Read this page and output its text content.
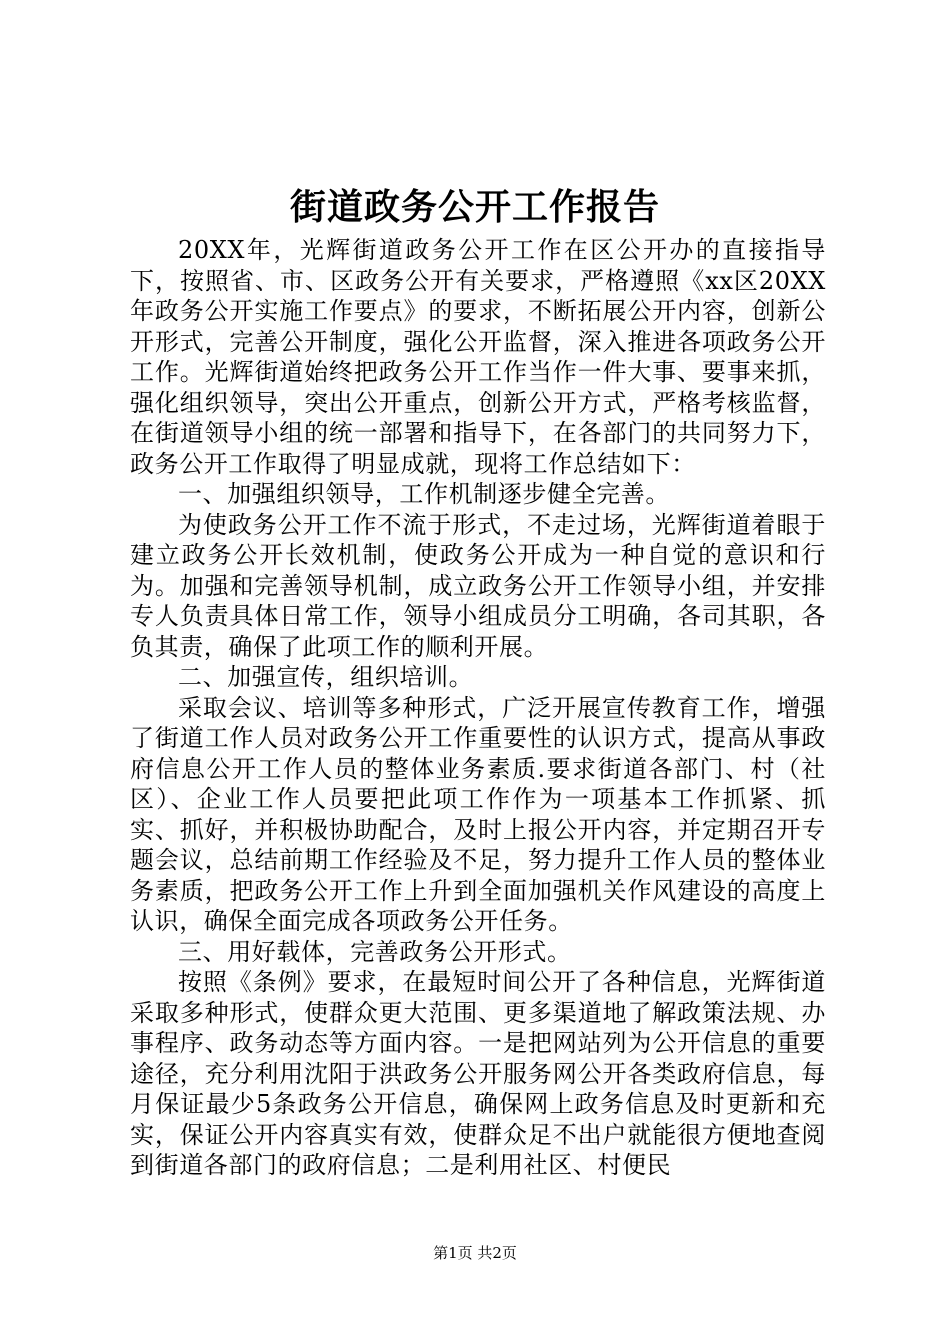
街道政务公开工作报告

20XX年，光辉街道政务公开工作在区公开办的直接指导下，按照省、市、区政务公开有关要求，严格遵照《xx区20XX年政务公开实施工作要点》的要求，不断拓展公开内容，创新公开形式，完善公开制度，强化公开监督，深入推进各项政务公开工作。光辉街道始终把政务公开工作当作一件大事、要事来抓，强化组织领导，突出公开重点，创新公开方式，严格考核监督，在街道领导小组的统一部署和指导下，在各部门的共同努力下，政务公开工作取得了明显成就，现将工作总结如下：

一、加强组织领导，工作机制逐步健全完善。

为使政务公开工作不流于形式，不走过场，光辉街道着眼于建立政务公开长效机制，使政务公开成为一种自觉的意识和行为。加强和完善领导机制，成立政务公开工作领导小组，并安排专人负责具体日常工作，领导小组成员分工明确，各司其职，各负其责，确保了此项工作的顺利开展。

二、加强宣传，组织培训。

采取会议、培训等多种形式，广泛开展宣传教育工作，增强了街道工作人员对政务公开工作重要性的认识方式，提高从事政府信息公开工作人员的整体业务素质.要求街道各部门、村（社区）、企业工作人员要把此项工作作为一项基本工作抓紧、抓实、抓好，并积极协助配合，及时上报公开内容，并定期召开专题会议，总结前期工作经验及不足，努力提升工作人员的整体业务素质，把政务公开工作上升到全面加强机关作风建设的高度上认识，确保全面完成各项政务公开任务。

三、用好载体，完善政务公开形式。

按照《条例》要求，在最短时间公开了各种信息，光辉街道采取多种形式，使群众更大范围、更多渠道地了解政策法规、办事程序、政务动态等方面内容。一是把网站列为公开信息的重要途径，充分利用沈阳于洪政务公开服务网公开各类政府信息，每月保证最少5条政务公开信息，确保网上政务信息及时更新和充实，保证公开内容真实有效，使群众足不出户就能很方便地查阅到街道各部门的政府信息；二是利用社区、村便民

第1页 共2页
